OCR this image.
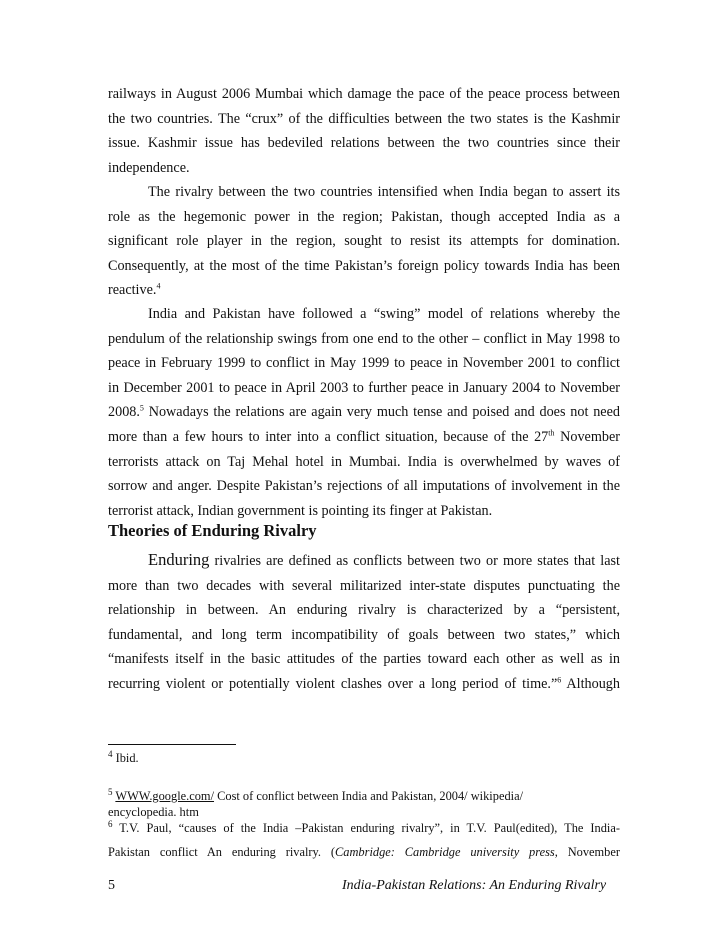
railways in August 2006 Mumbai which damage the pace of the peace process between
the two countries. The “crux” of the difficulties between the two states is the Kashmir
issue. Kashmir issue has bedeviled relations between the two countries since their
independence.
The rivalry between the two countries intensified when India began to assert its
role as the hegemonic power in the region; Pakistan, though accepted India as a
significant role player in the region, sought to resist its attempts for domination.
Consequently, at the most of the time Pakistan’s foreign policy towards India has been
reactive.$^4$
India and Pakistan have followed a “swing” model of relations whereby the
pendulum of the relationship swings from one end to the other – conflict in May 1998 to
peace in February 1999 to conflict in May 1999 to peace in November 2001 to conflict
in December 2001 to peace in April 2003 to further peace in January 2004 to November
2008.$^5$ Nowadays the relations are again very much tense and poised and does not need
more than a few hours to inter into a conflict situation, because of the 27th November
terrorists attack on Taj Mehal hotel in Mumbai. India is overwhelmed by waves of
sorrow and anger. Despite Pakistan’s rejections of all imputations of involvement in the
terrorist attack, Indian government is pointing its finger at Pakistan.

Theories of Enduring Rivalry

Enduring rivalries are defined as conflicts between two or more states that last
more than two decades with several militarized inter-state disputes punctuating the
relationship in between. An enduring rivalry is characterized by a “persistent,
fundamental, and long term incompatibility of goals between two states,” which
“manifests itself in the basic attitudes of the parties toward each other as well as in
recurring violent or potentially violent clashes over a long period of time.”$^6$ Although

$^4$ Ibid.

$^5$ WWW.google.com/ Cost of conflict between India and Pakistan, 2004/ wikipedia/
encyclopedia. htm

$^6$ T.V. Paul, “causes of the India –Pakistan enduring rivalry”, in T.V. Paul(edited), The India-
Pakistan conflict An enduring rivalry. (Cambridge: Cambridge university press, November

5	India-Pakistan Relations: An Enduring Rivalry
